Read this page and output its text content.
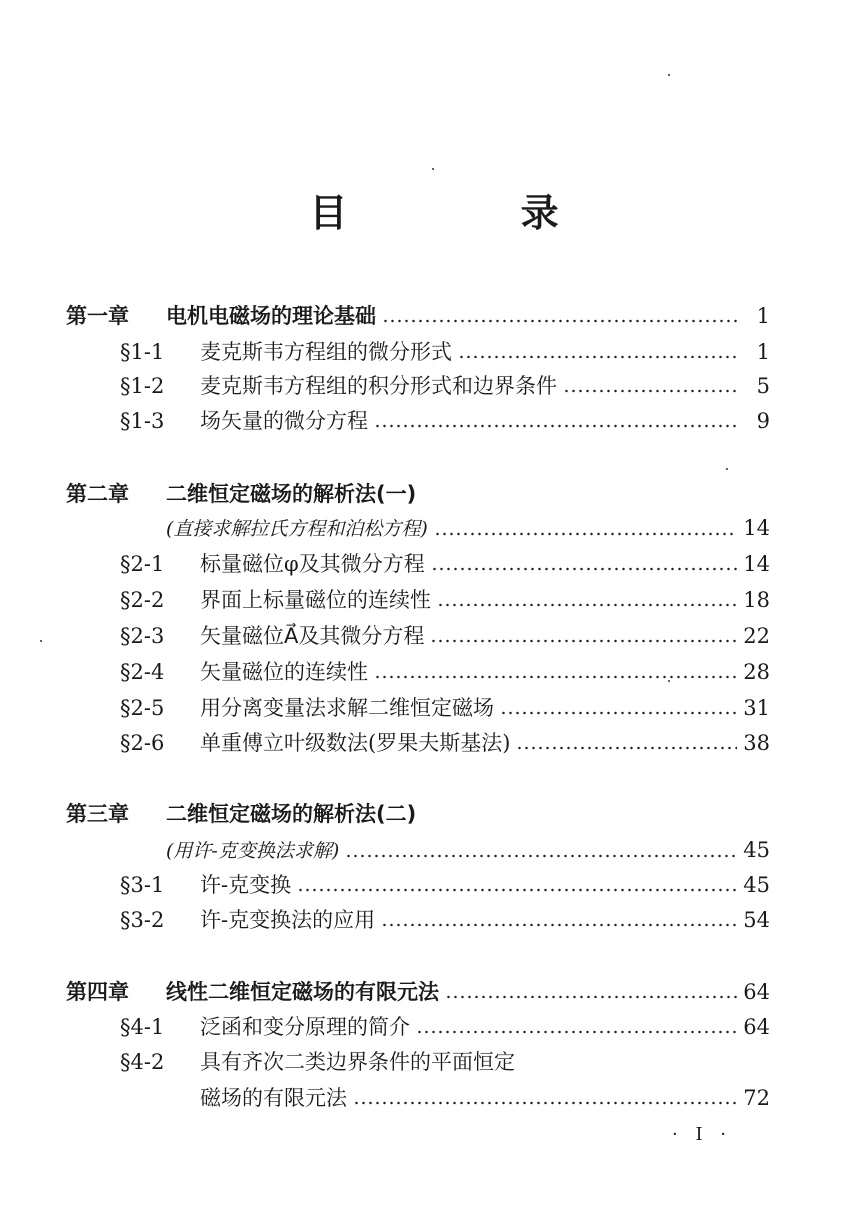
目 录
第一章	电机电磁场的理论基础	1
§1-1	麦克斯韦方程组的微分形式	1
§1-2	麦克斯韦方程组的积分形式和边界条件	5
§1-3	场矢量的微分方程	9
第二章	二维恒定磁场的解析法(一)
(直接求解拉氏方程和泊松方程)	14
§2-1	标量磁位φ及其微分方程	14
§2-2	界面上标量磁位的连续性	18
§2-3	矢量磁位A⃗及其微分方程	22
§2-4	矢量磁位的连续性	28
§2-5	用分离变量法求解二维恒定磁场	31
§2-6	单重傅立叶级数法(罗果夫斯基法)	38
第三章	二维恒定磁场的解析法(二)
(用许-克变换法求解)	45
§3-1	许-克变换	45
§3-2	许-克变换法的应用	54
第四章	线性二维恒定磁场的有限元法	64
§4-1	泛函和变分原理的简介	64
§4-2	具有齐次二类边界条件的平面恒定
磁场的有限元法	72
· I ·
